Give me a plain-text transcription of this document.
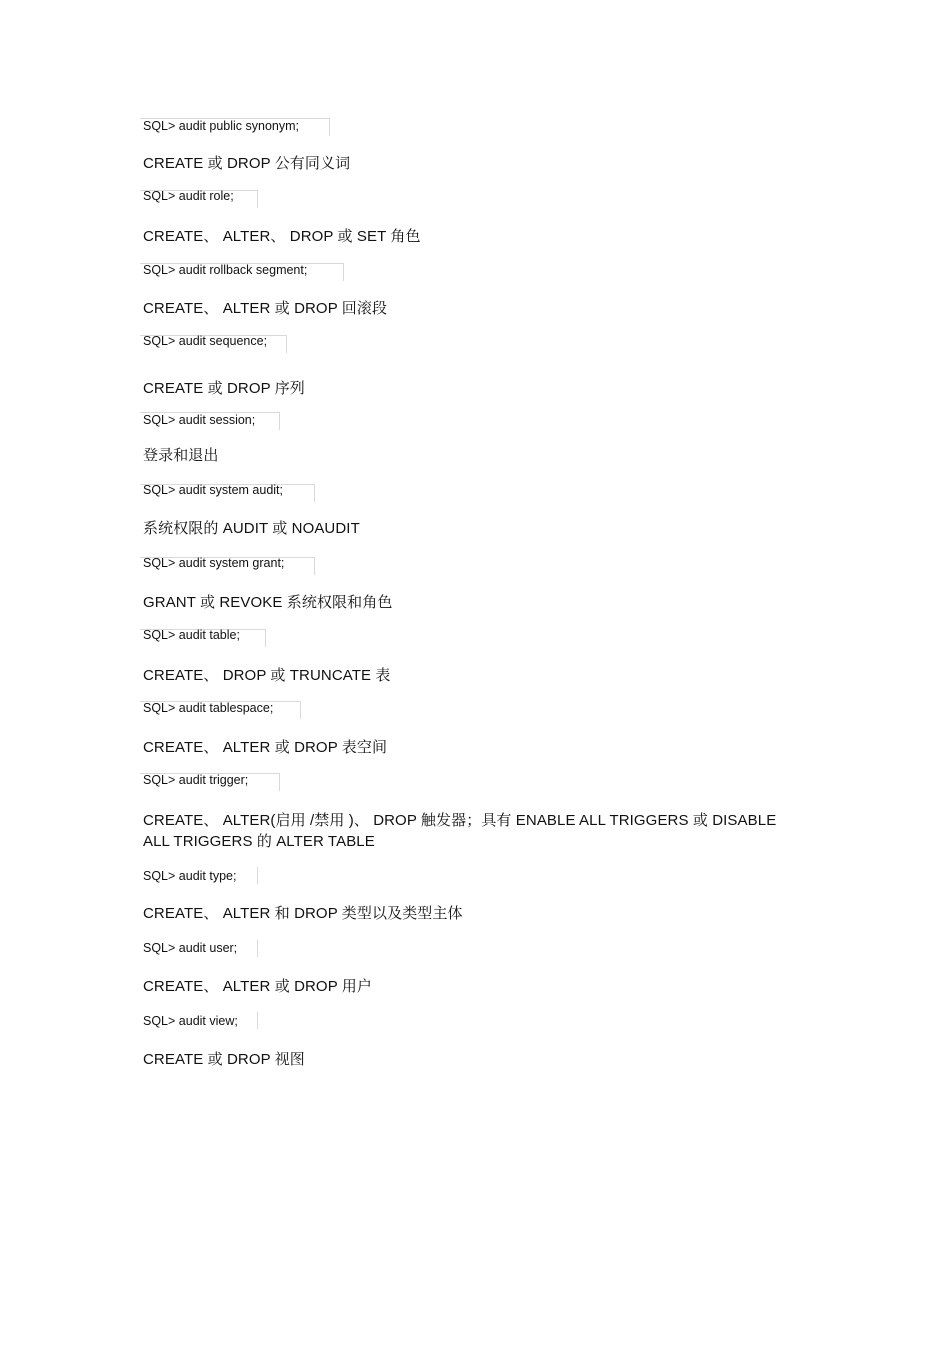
SQL> audit public synonym;
CREATE 或 DROP 公有同义词
SQL> audit role;
CREATE、 ALTER、 DROP 或 SET 角色
SQL> audit rollback segment;
CREATE、 ALTER 或 DROP 回滚段
SQL> audit sequence;
CREATE 或 DROP 序列
SQL> audit session;
登录和退出
SQL> audit system audit;
系统权限的 AUDIT 或 NOAUDIT
SQL> audit system grant;
GRANT 或 REVOKE 系统权限和角色
SQL> audit table;
CREATE、 DROP 或 TRUNCATE 表
SQL> audit tablespace;
CREATE、 ALTER 或 DROP 表空间
SQL> audit trigger;
CREATE、 ALTER(启用 /禁用 )、 DROP 触发器；具有 ENABLE ALL TRIGGERS 或 DISABLE ALL TRIGGERS 的 ALTER TABLE
SQL> audit type;
CREATE、 ALTER 和 DROP 类型以及类型主体
SQL> audit user;
CREATE、 ALTER 或 DROP 用户
SQL> audit view;
CREATE 或 DROP 视图
